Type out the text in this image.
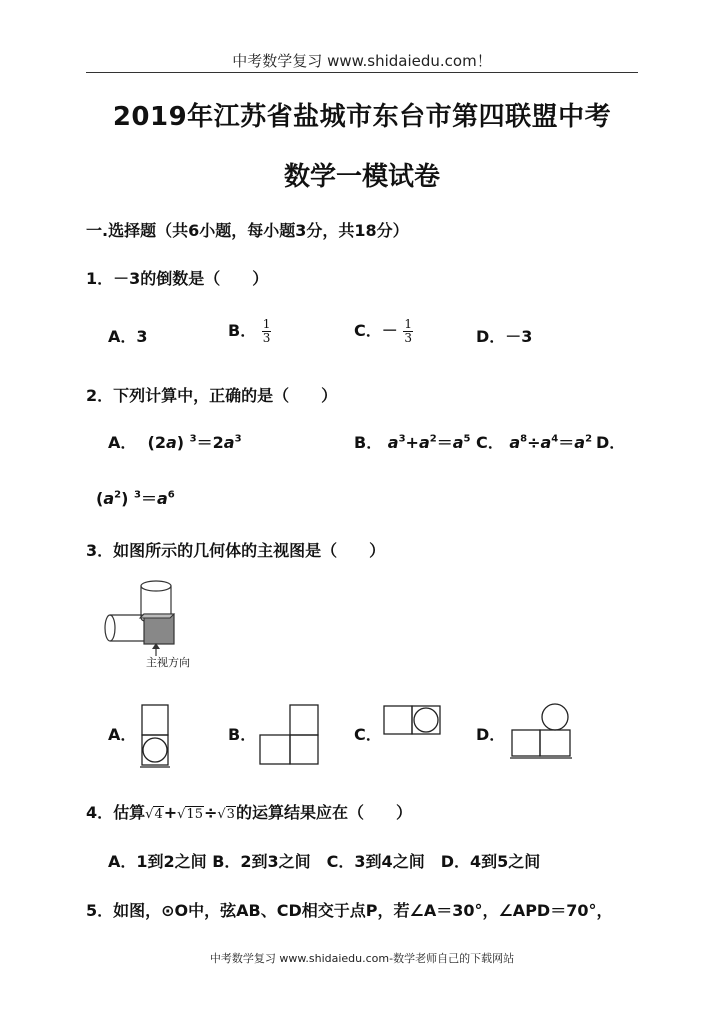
中考数学复习 www.shidaiedu.com！
2019年江苏省盐城市东台市第四联盟中考
数学一模试卷
一.选择题（共6小题，每小题3分，共18分）
1．－3的倒数是（　　）
A．3	B． $\frac{1}{3}$	C．－ $\frac{1}{3}$	D．－3
2．下列计算中，正确的是（　　）
A．  (2a) $^3=2a^3$	B． $a^3+a^2=a^5$ C． $a^8\div a^4=a^2$ D．
$(a^2)$ $^3=a^6$
3．如图所示的几何体的主视图是（　　）
主视方向
A．	B．	C．	D．
4．估算√4+√15÷√3的运算结果应在（　　）
A．1到2之间 B．2到3之间　C．3到4之间　D．4到5之间
5．如图，⊙O中，弦AB、CD相交于点P，若∠A＝30°，∠APD＝70°，
中考数学复习 www.shidaiedu.com-数学老师自己的下载网站
